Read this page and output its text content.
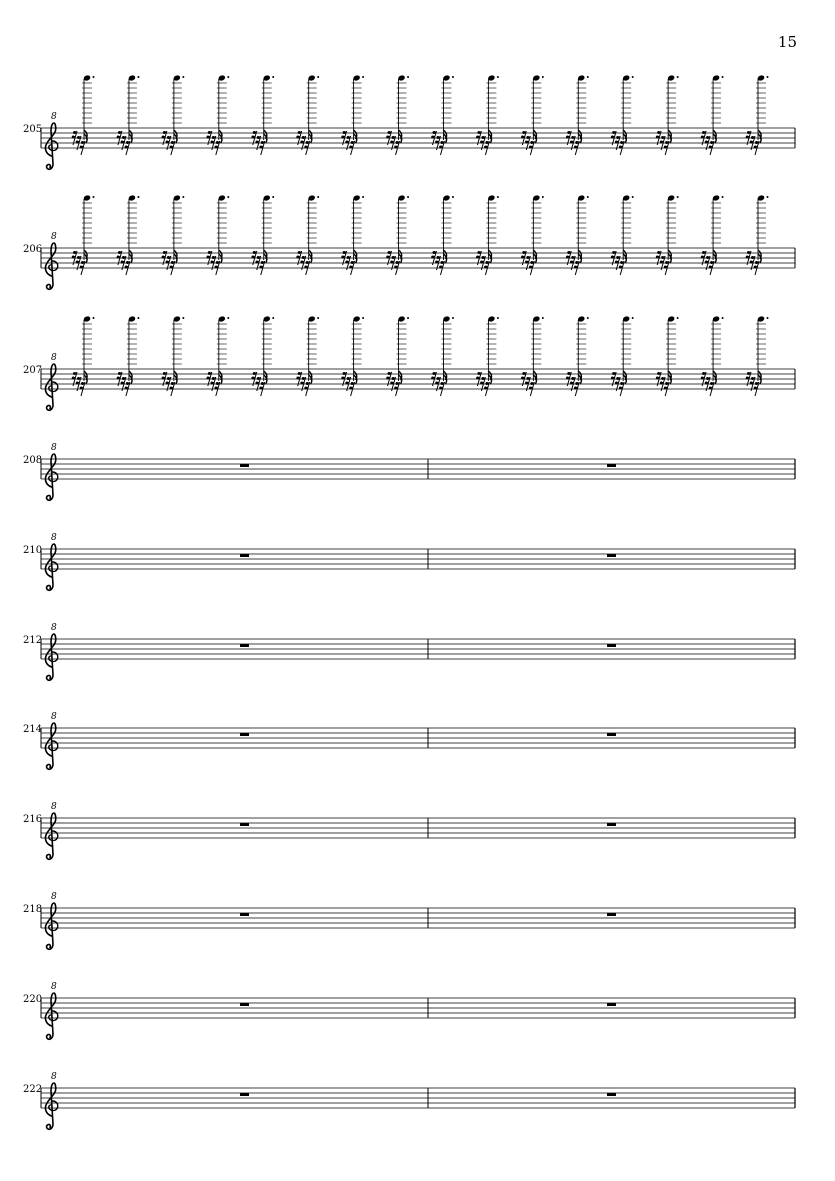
15
8
205
8
206
8
207
8
208
8
210
8
212
8
214
8
216
8
218
8
220
8
222
